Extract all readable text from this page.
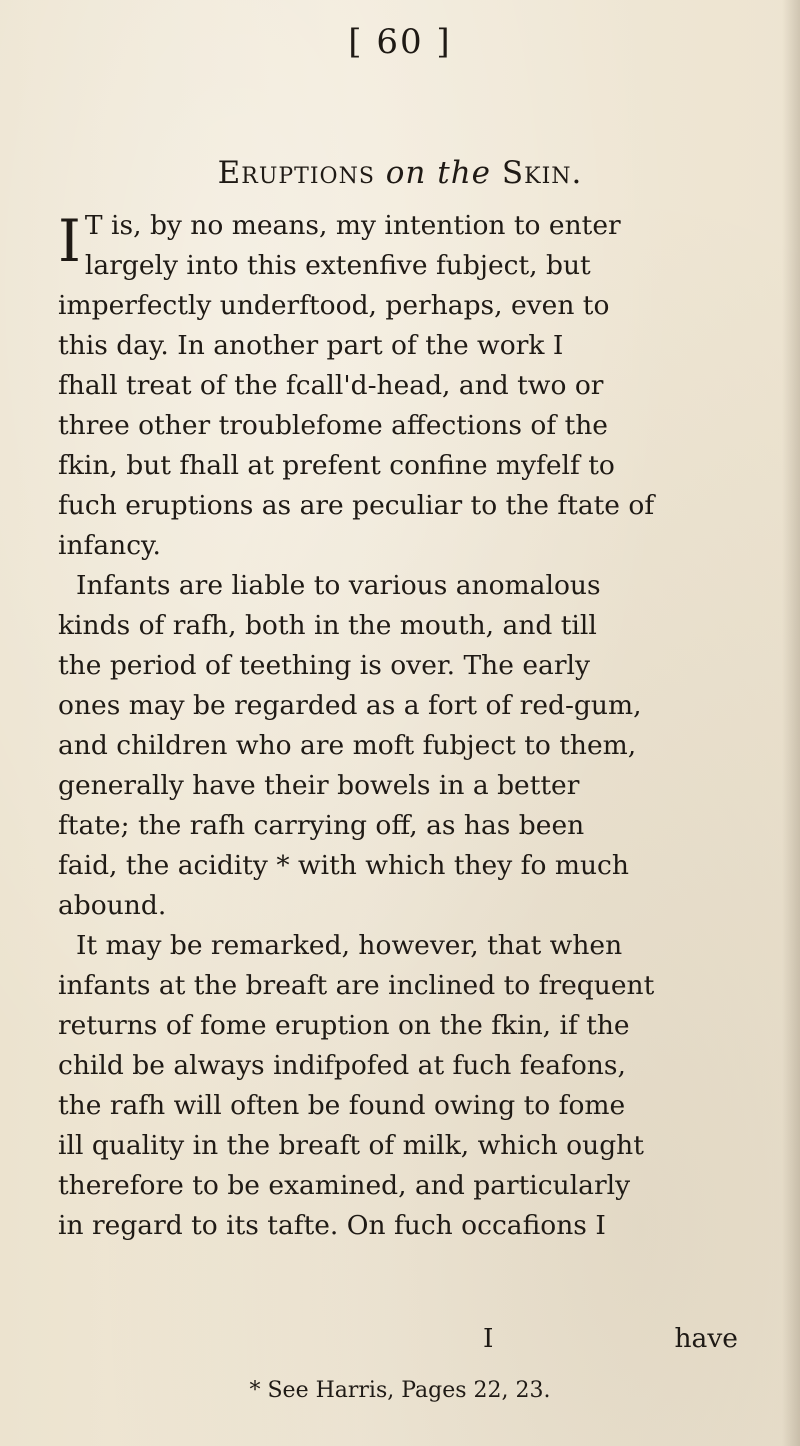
[ 60 ]
Eruptions on the Skin.

I T is, by no means, my intention to enter
largely into this extenfive fubject, but
imperfectly underftood, perhaps, even to
this day. In another part of the work I
fhall treat of the fcall'd-head, and two or
three other troublefome affections of the
fkin, but fhall at prefent confine myfelf to
fuch eruptions as are peculiar to the ftate of
infancy.

Infants are liable to various anomalous
kinds of rafh, both in the mouth, and till
the period of teething is over. The early
ones may be regarded as a fort of red-gum,
and children who are moft fubject to them,
generally have their bowels in a better
ftate; the rafh carrying off, as has been
faid, the acidity * with which they fo much
abound.

It may be remarked, however, that when
infants at the breaft are inclined to frequent
returns of fome eruption on the fkin, if the
child be always indifpofed at fuch feafons,
the rafh will often be found owing to fome
ill quality in the breaft of milk, which ought
therefore to be examined, and particularly
in regard to its tafte. On fuch occafions I

I	have
* See Harris, Pages 22, 23.
